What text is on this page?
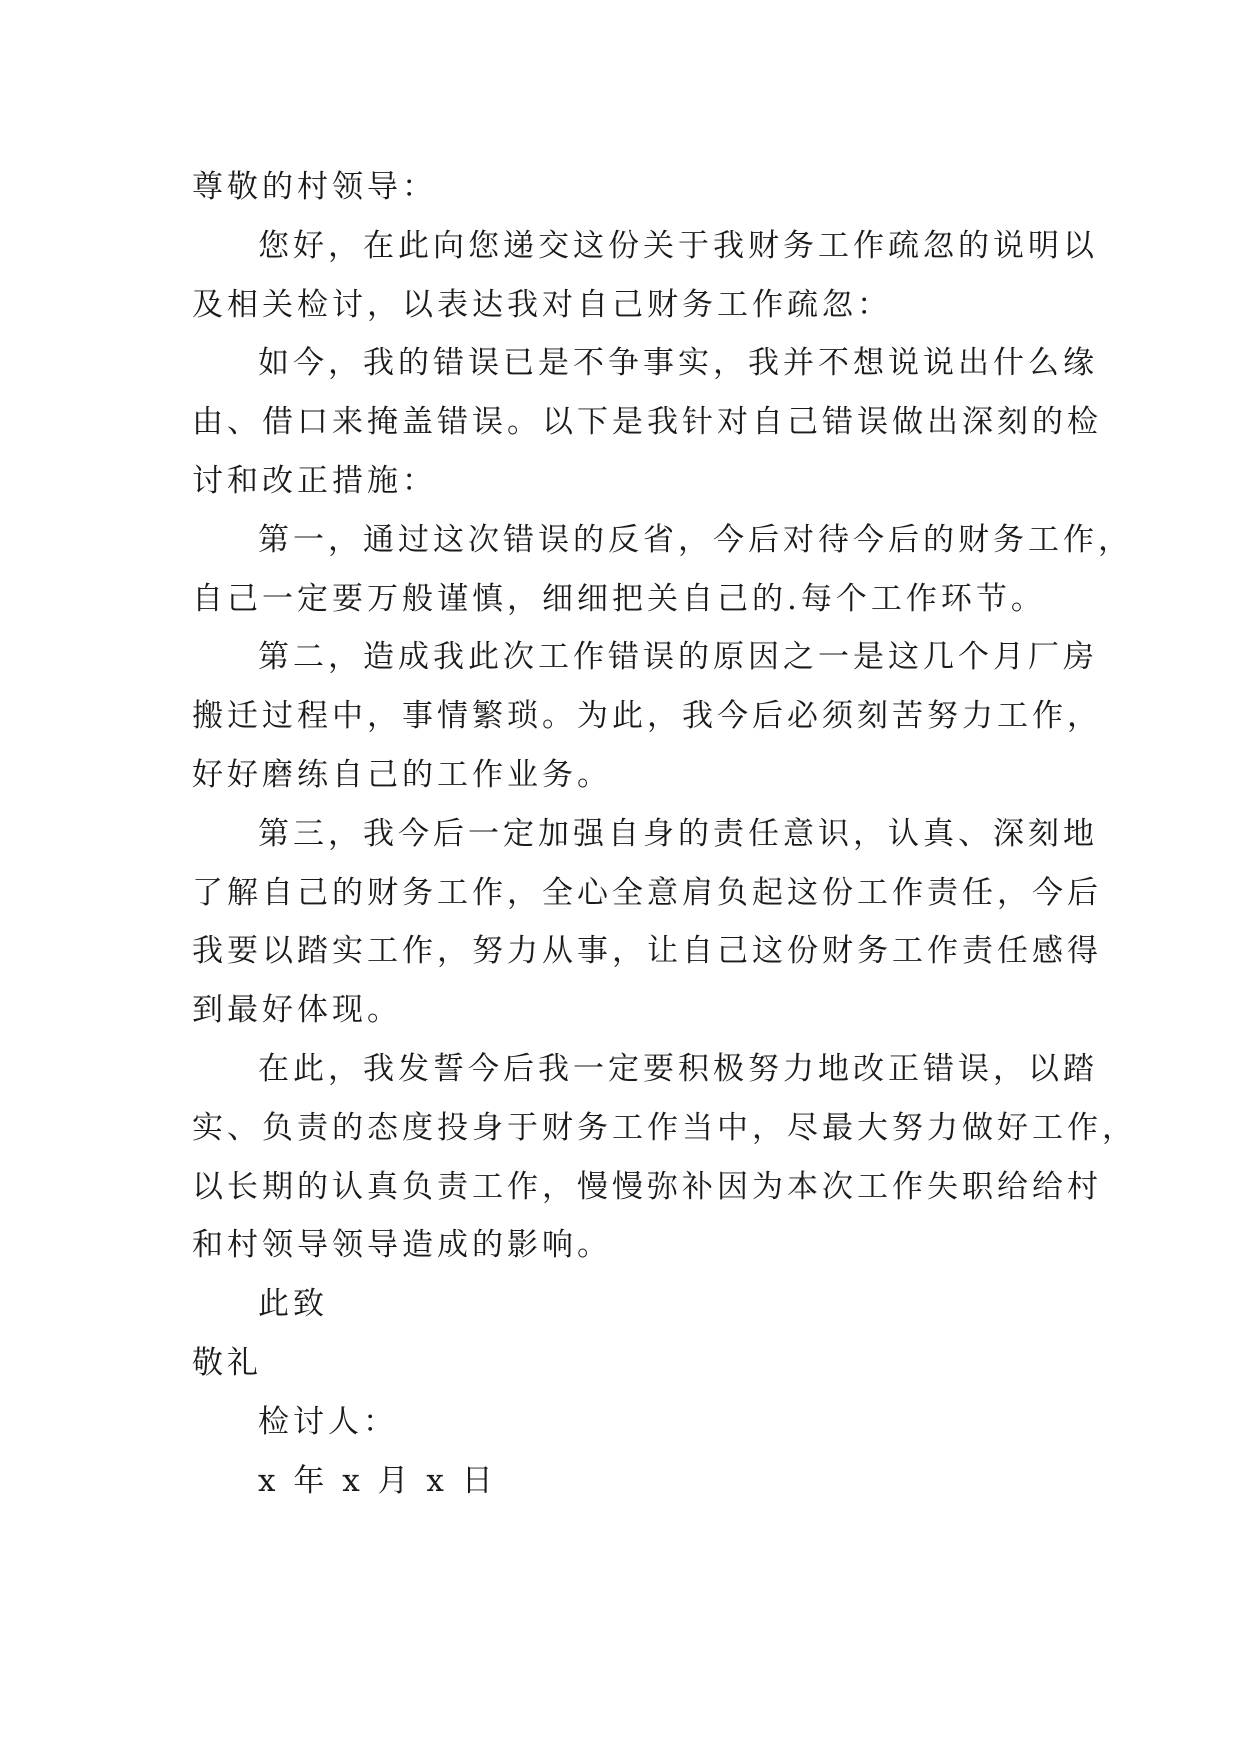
尊敬的村领导：
您好，在此向您递交这份关于我财务工作疏忽的说明以
及相关检讨，以表达我对自己财务工作疏忽：
如今，我的错误已是不争事实，我并不想说说出什么缘
由、借口来掩盖错误。以下是我针对自己错误做出深刻的检
讨和改正措施：
第一，通过这次错误的反省，今后对待今后的财务工作，
自己一定要万般谨慎，细细把关自己的.每个工作环节。
第二，造成我此次工作错误的原因之一是这几个月厂房
搬迁过程中，事情繁琐。为此，我今后必须刻苦努力工作，
好好磨练自己的工作业务。
第三，我今后一定加强自身的责任意识，认真、深刻地
了解自己的财务工作，全心全意肩负起这份工作责任，今后
我要以踏实工作，努力从事，让自己这份财务工作责任感得
到最好体现。
在此，我发誓今后我一定要积极努力地改正错误，以踏
实、负责的态度投身于财务工作当中，尽最大努力做好工作，
以长期的认真负责工作，慢慢弥补因为本次工作失职给给村
和村领导领导造成的影响。
此致
敬礼
检讨人：
x 年 x 月 x 日
